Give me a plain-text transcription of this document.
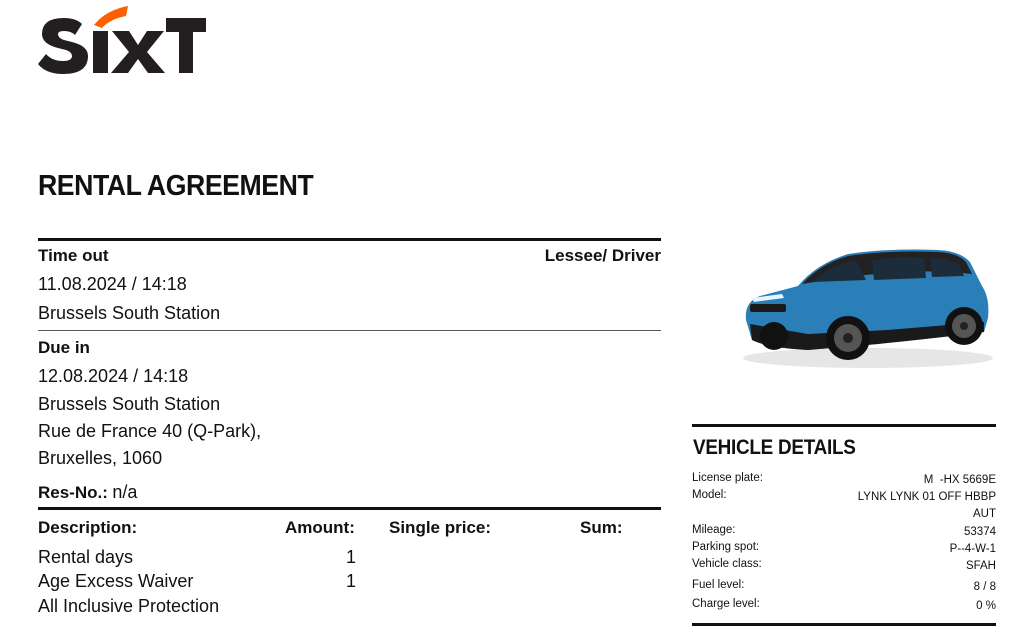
RENTAL AGREEMENT
Time out	Lessee/ Driver
11.08.2024 / 14:18
Brussels South Station
Due in
12.08.2024 / 14:18
Brussels South Station
Rue de France 40 (Q-Park),
Bruxelles, 1060
Res-No.: n/a
Description:	Amount: Single price:	Sum:
Rental days	1
Age Excess Waiver	1
All Inclusive Protection
VEHICLE DETAILS
License plate:	M  -HX 5669E
Model:	LYNK LYNK 01 OFF HBBP AUT
Mileage:	53374
Parking spot:	P--4-W-1
Vehicle class:	SFAH
Fuel level:	8 / 8
Charge level:	0 %
